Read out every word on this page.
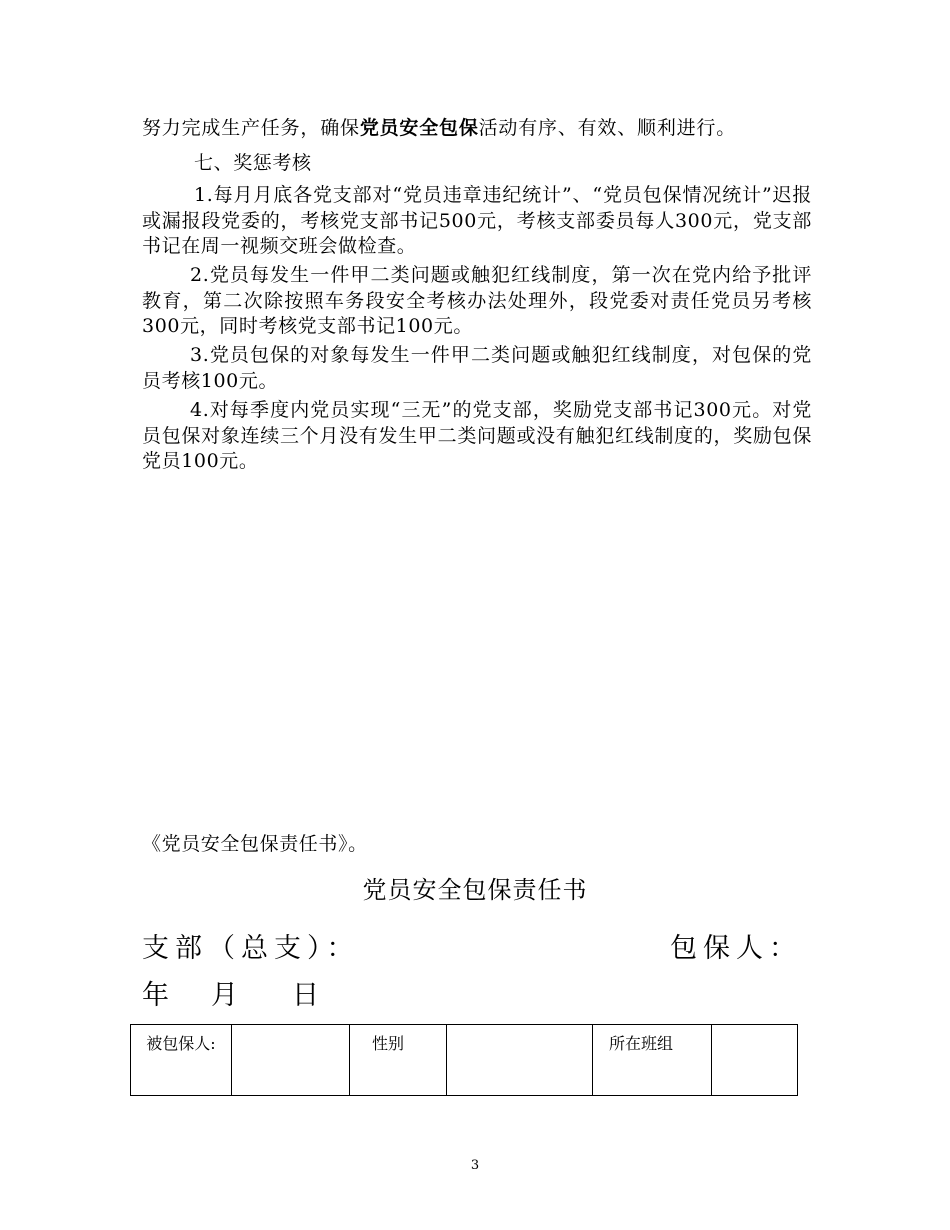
努力完成生产任务，确保党员安全包保活动有序、有效、顺利进行。
七、奖惩考核
1.每月月底各党支部对“党员违章违纪统计”、“党员包保情况统计”迟报或漏报段党委的，考核党支部书记500元，考核支部委员每人300元，党支部书记在周一视频交班会做检查。
2.党员每发生一件甲二类问题或触犯红线制度，第一次在党内给予批评教育，第二次除按照车务段安全考核办法处理外，段党委对责任党员另考核300元，同时考核党支部书记100元。
3.党员包保的对象每发生一件甲二类问题或触犯红线制度，对包保的党员考核100元。
4.对每季度内党员实现“三无”的党支部，奖励党支部书记300元。对党员包保对象连续三个月没有发生甲二类问题或没有触犯红线制度的，奖励包保党员100元。
《党员安全包保责任书》。
党员安全包保责任书
支部（总支）：	包保人：
年 月 日
被包保人:		性别		所在班组	
3
